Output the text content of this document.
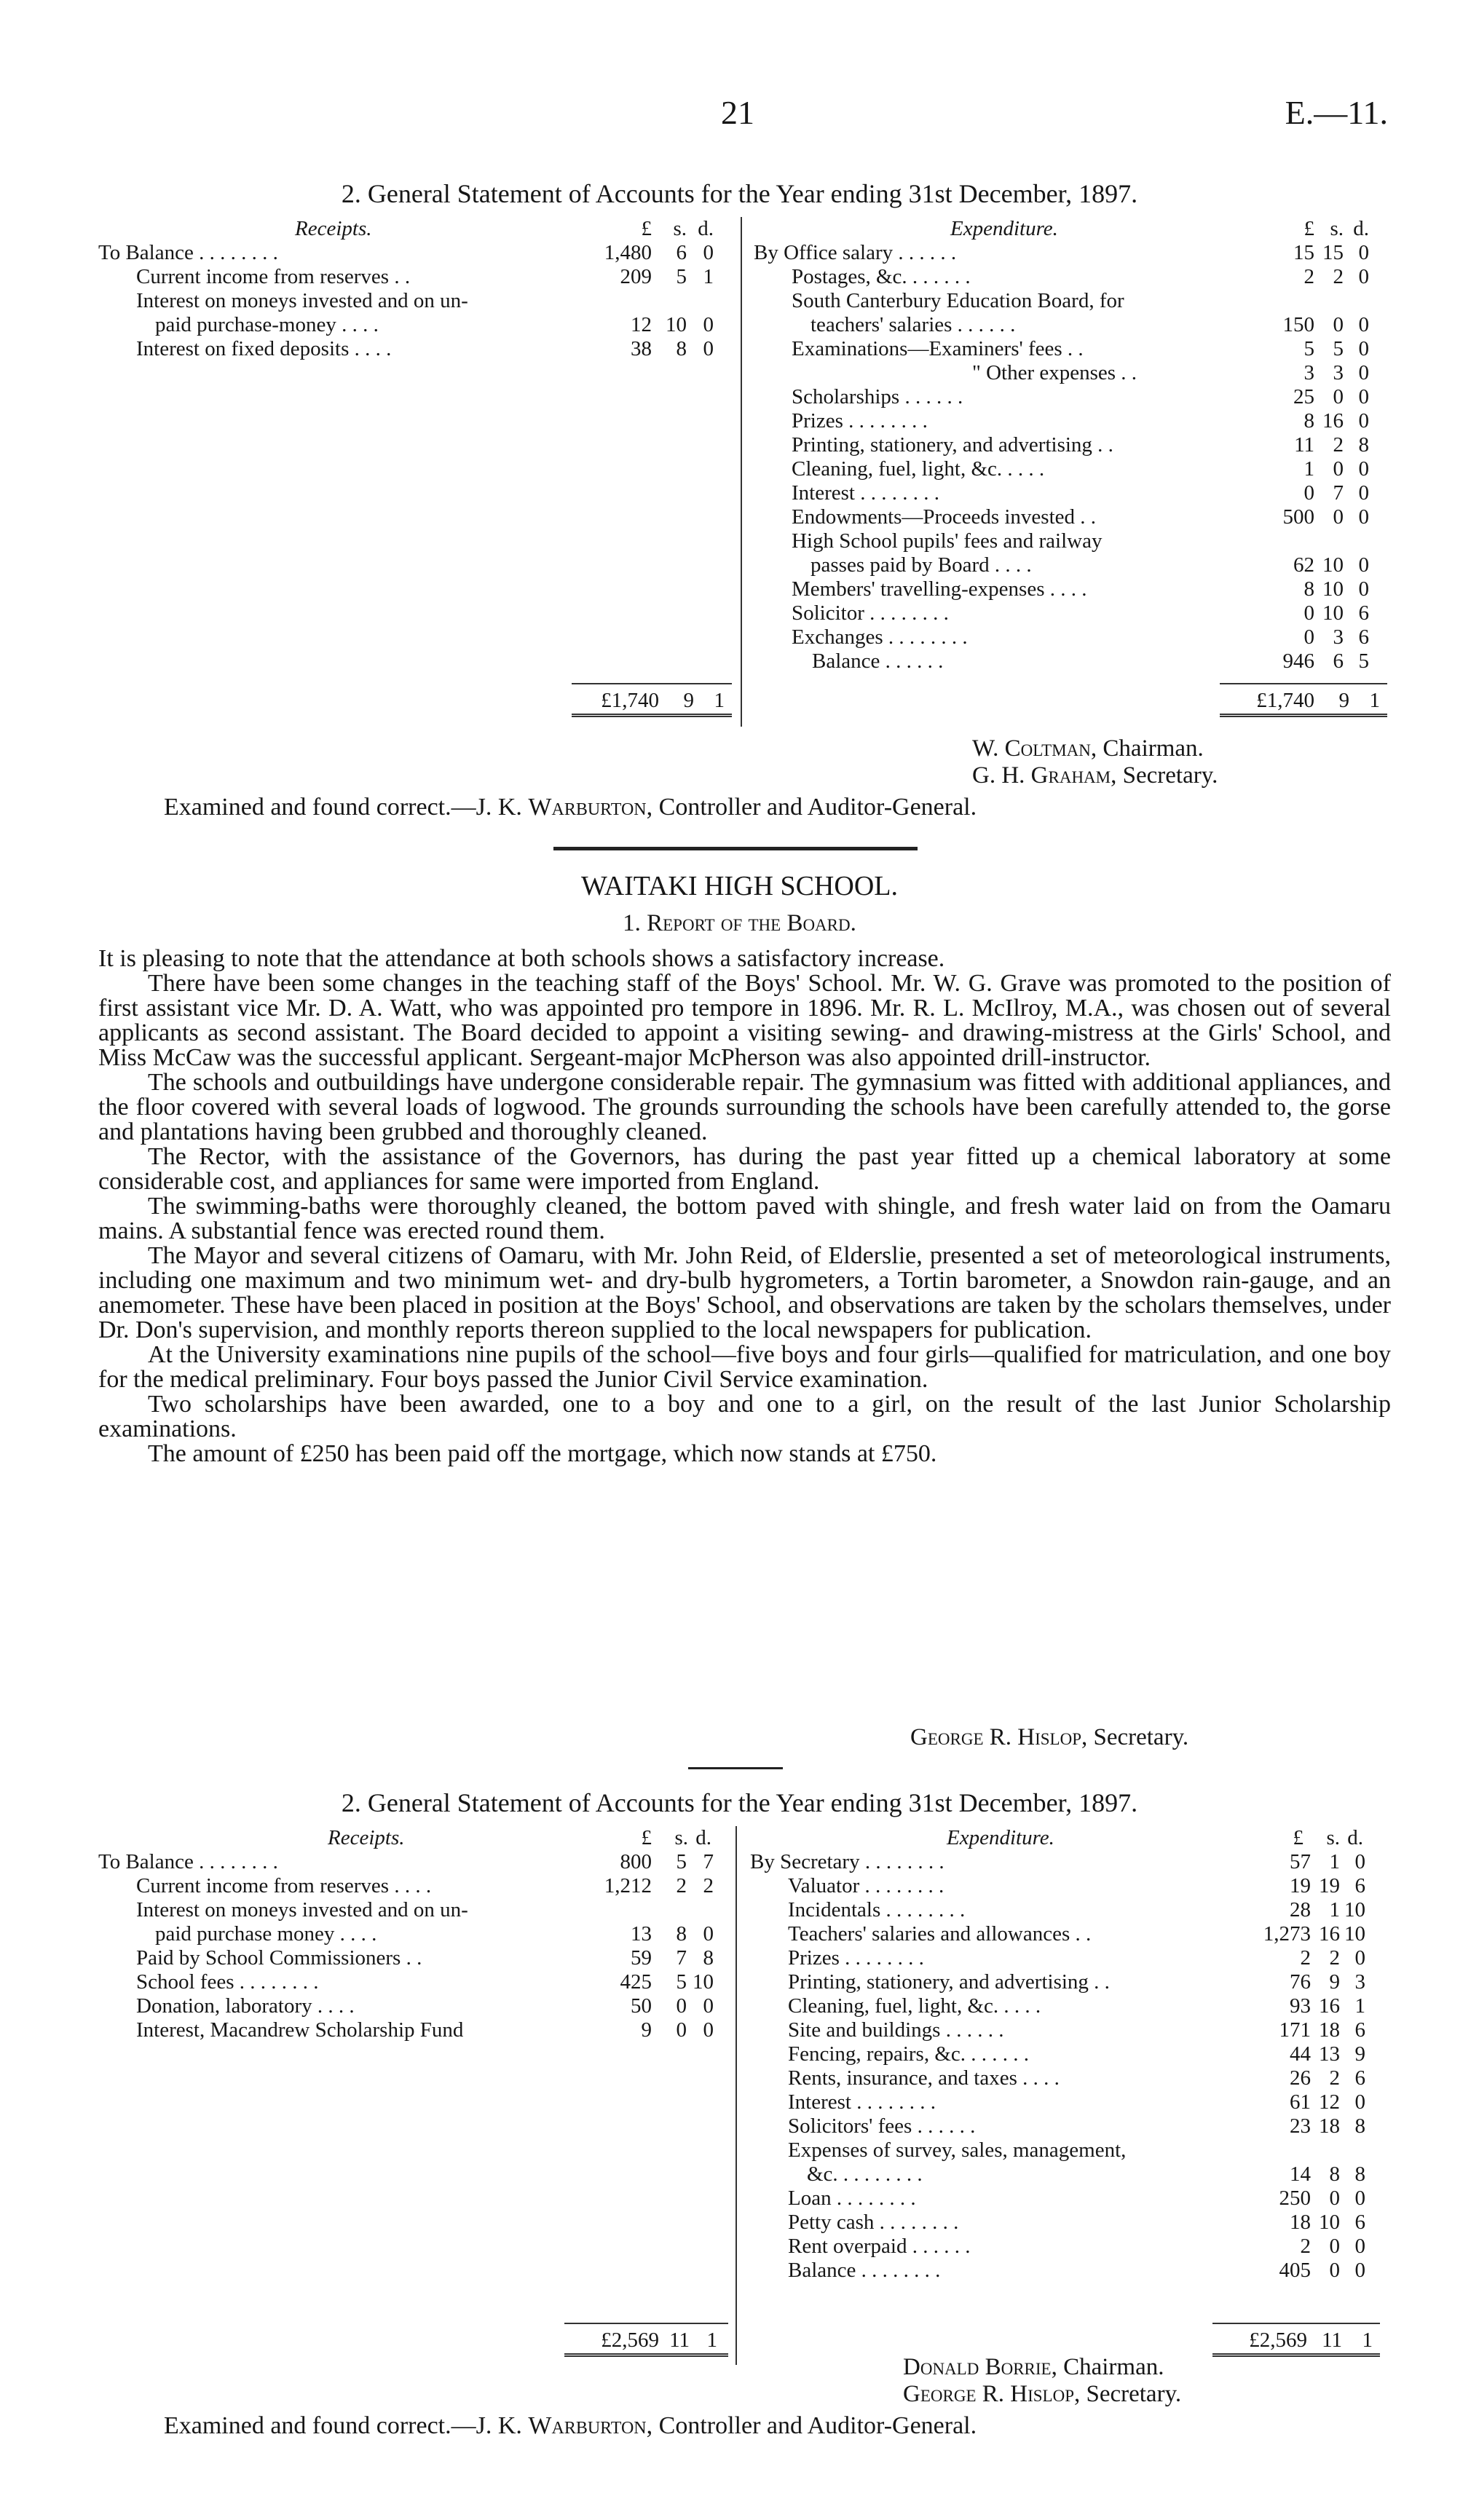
21	E.—11.
2. General Statement of Accounts for the Year ending 31st December, 1897.
Receipts.	£	s. d.
To Balance . . . . . . . .	1,480	6 0
Current income from reserves . .	209	5 1
Interest on moneys invested and on un-
paid purchase-money . . . .	12 10 0
Interest on fixed deposits . . . .	38	8 0
£1,740	9 1
Expenditure.	£ s. d.
By Office salary . . . . . .	15 15 0
Postages, &c. . . . . . .	2 2 0
South Canterbury Education Board, for
teachers' salaries . . . . . .	150 0 0
Examinations—Examiners' fees . .	5 5 0
" Other expenses . .	3 3 0
Scholarships . . . . . .	25 0 0
Prizes . . . . . . . .	8 16 0
Printing, stationery, and advertising . .	11 2 8
Cleaning, fuel, light, &c. . . . .	1 0 0
Interest . . . . . . . .	0 7 0
Endowments—Proceeds invested . .	500 0 0
High School pupils' fees and railway
passes paid by Board . . . .	62 10 0
Members' travelling-expenses . . . .	8 10 0
Solicitor . . . . . . . .	0 10 6
Exchanges . . . . . . . .	0 3 6
Balance . . . . . .	946 6 5
£1,740	9 1
W. Coltman, Chairman.
G. H. Graham, Secretary.
Examined and found correct.—J. K. Warburton, Controller and Auditor-General.
WAITAKI HIGH SCHOOL.
1. Report of the Board.

It is pleasing to note that the attendance at both schools shows a satisfactory increase.

There have been some changes in the teaching staff of the Boys' School. Mr. W. G. Grave was promoted to the position of first assistant vice Mr. D. A. Watt, who was appointed pro tempore in 1896. Mr. R. L. McIlroy, M.A., was chosen out of several applicants as second assistant. The Board decided to appoint a visiting sewing- and drawing-mistress at the Girls' School, and Miss McCaw was the successful applicant. Sergeant-major McPherson was also appointed drill-instructor.

The schools and outbuildings have undergone considerable repair. The gymnasium was fitted with additional appliances, and the floor covered with several loads of logwood. The grounds surrounding the schools have been carefully attended to, the gorse and plantations having been grubbed and thoroughly cleaned.

The Rector, with the assistance of the Governors, has during the past year fitted up a chemical laboratory at some considerable cost, and appliances for same were imported from England.

The swimming-baths were thoroughly cleaned, the bottom paved with shingle, and fresh water laid on from the Oamaru mains. A substantial fence was erected round them.

The Mayor and several citizens of Oamaru, with Mr. John Reid, of Elderslie, presented a set of meteorological instruments, including one maximum and two minimum wet- and dry-bulb hygrometers, a Tortin barometer, a Snowdon rain-gauge, and an anemometer. These have been placed in position at the Boys' School, and observations are taken by the scholars themselves, under Dr. Don's supervision, and monthly reports thereon supplied to the local newspapers for publication.

At the University examinations nine pupils of the school—five boys and four girls—qualified for matriculation, and one boy for the medical preliminary. Four boys passed the Junior Civil Service examination.

Two scholarships have been awarded, one to a boy and one to a girl, on the result of the last Junior Scholarship examinations.

The amount of £250 has been paid off the mortgage, which now stands at £750.

George R. Hislop, Secretary.
2. General Statement of Accounts for the Year ending 31st December, 1897.
Receipts.	£	s. d.
To Balance . . . . . . . .	800	5 7
Current income from reserves . . . .	1,212	2 2
Interest on moneys invested and on un-
paid purchase money . . . .	13	8 0
Paid by School Commissioners . .	59	7 8
School fees . . . . . . . .	425	5 10
Donation, laboratory . . . .	50	0 0
Interest, Macandrew Scholarship Fund	9	0 0
£2,569 11 1
Expenditure.	£	s. d.
By Secretary . . . . . . . .	57 1 0
Valuator . . . . . . . .	19 19 6
Incidentals . . . . . . . .	28 1 10
Teachers' salaries and allowances . .	1,273 16 10
Prizes . . . . . . . .	2 2 0
Printing, stationery, and advertising . .	76 9 3
Cleaning, fuel, light, &c. . . . .	93 16 1
Site and buildings . . . . . .	171 18 6
Fencing, repairs, &c. . . . . . .	44 13 9
Rents, insurance, and taxes . . . .	26 2 6
Interest . . . . . . . .	61 12 0
Solicitors' fees . . . . . .	23 18 8
Expenses of survey, sales, management,
&c. . . . . . . . .	14 8 8
Loan . . . . . . . .	250 0 0
Petty cash . . . . . . . .	18 10 6
Rent overpaid . . . . . .	2 0 0
Balance . . . . . . . .	405 0 0
£2,569 11 1
Donald Borrie, Chairman.
George R. Hislop, Secretary.
Examined and found correct.—J. K. Warburton, Controller and Auditor-General.
